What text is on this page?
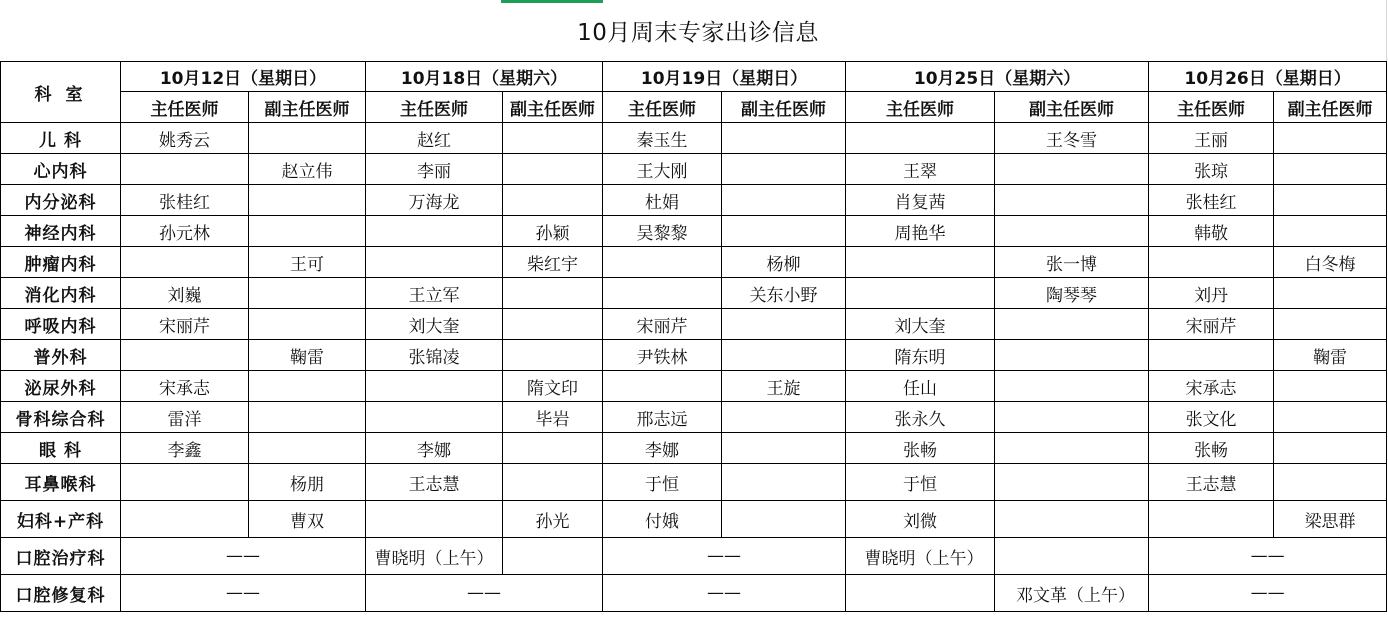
10月周末专家出诊信息
科 室	10月12日（星期日）		10月18日（星期六）		10月19日（星期日）		10月25日（星期六）		10月26日（星期日）	
	主任医师	副主任医师	主任医师	副主任医师	主任医师	副主任医师	主任医师	副主任医师	主任医师	副主任医师
儿 科	姚秀云		赵红		秦玉生			王冬雪	王丽	
心内科		赵立伟	李丽		王大刚		王翠		张琼	
内分泌科	张桂红		万海龙		杜娟		肖复茜		张桂红	
神经内科	孙元林			孙颖	吴黎黎		周艳华		韩敬	
肿瘤内科		王可		柴红宇		杨柳		张一博		白冬梅
消化内科	刘巍		王立军			关东小野		陶琴琴	刘丹	
呼吸内科	宋丽芹		刘大奎		宋丽芹		刘大奎		宋丽芹	
普外科		鞠雷	张锦凌		尹铁林		隋东明			鞠雷
泌尿外科	宋承志			隋文印		王旋	任山		宋承志	
骨科综合科	雷洋			毕岩	邢志远		张永久		张文化	
眼 科	李鑫		李娜		李娜		张畅		张畅	
耳鼻喉科		杨朋	王志慧		于恒		于恒		王志慧	
妇科+产科		曹双		孙光	付娥		刘微			梁思群
口腔治疗科	——		曹晓明（上午）		——		曹晓明（上午）		——	
口腔修复科	——		——		——			邓文革（上午）	——	
